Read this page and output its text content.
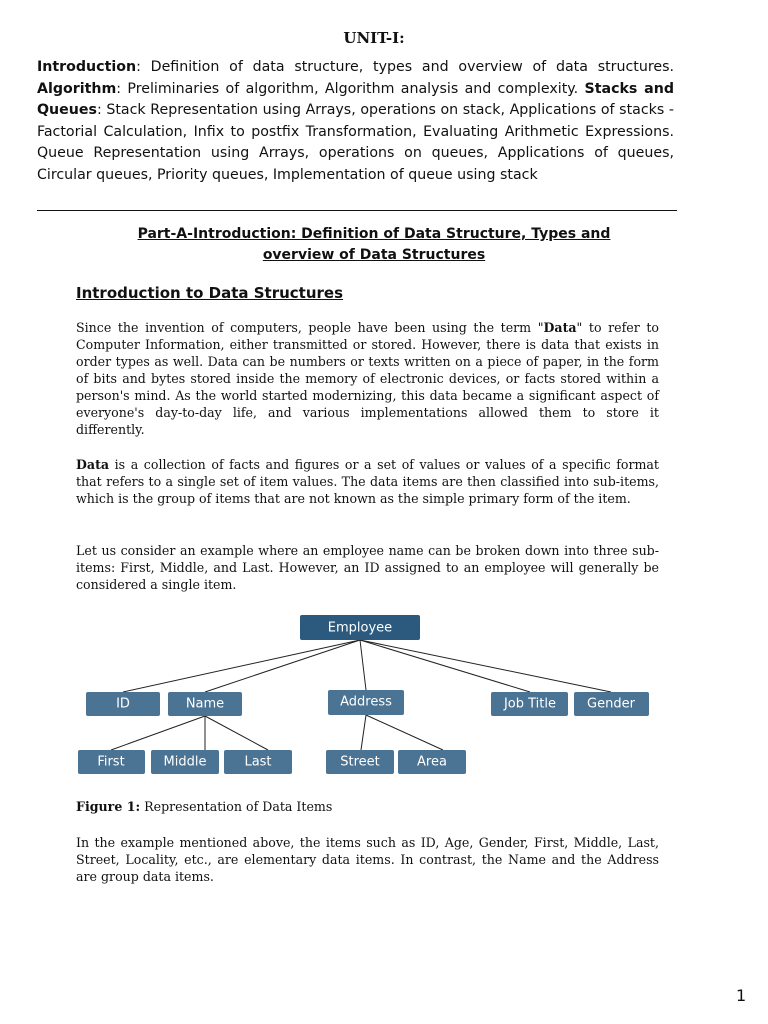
UNIT-I:
Introduction: Definition of data structure, types and overview of data structures. Algorithm: Preliminaries of algorithm, Algorithm analysis and complexity. Stacks and Queues: Stack Representation using Arrays, operations on stack, Applications of stacks - Factorial Calculation, Infix to postfix Transformation, Evaluating Arithmetic Expressions. Queue Representation using Arrays, operations on queues, Applications of queues, Circular queues, Priority queues, Implementation of queue using stack
Part-A-Introduction: Definition of Data Structure, Types and
overview of Data Structures
Introduction to Data Structures
Since the invention of computers, people have been using the term "Data" to refer to Computer Information, either transmitted or stored. However, there is data that exists in order types as well. Data can be numbers or texts written on a piece of paper, in the form of bits and bytes stored inside the memory of electronic devices, or facts stored within a person's mind. As the world started modernizing, this data became a significant aspect of everyone's day-to-day life, and various implementations allowed them to store it differently.
Data is a collection of facts and figures or a set of values or values of a specific format that refers to a single set of item values. The data items are then classified into sub-items, which is the group of items that are not known as the simple primary form of the item.
Let us consider an example where an employee name can be broken down into three sub-items: First, Middle, and Last. However, an ID assigned to an employee will generally be considered a single item.
Employee
ID	Name	Address	Job Title Gender
First	Middle	Last	Street	Area
Figure 1: Representation of Data Items
In the example mentioned above, the items such as ID, Age, Gender, First, Middle, Last, Street, Locality, etc., are elementary data items. In contrast, the Name and the Address are group data items.
1
